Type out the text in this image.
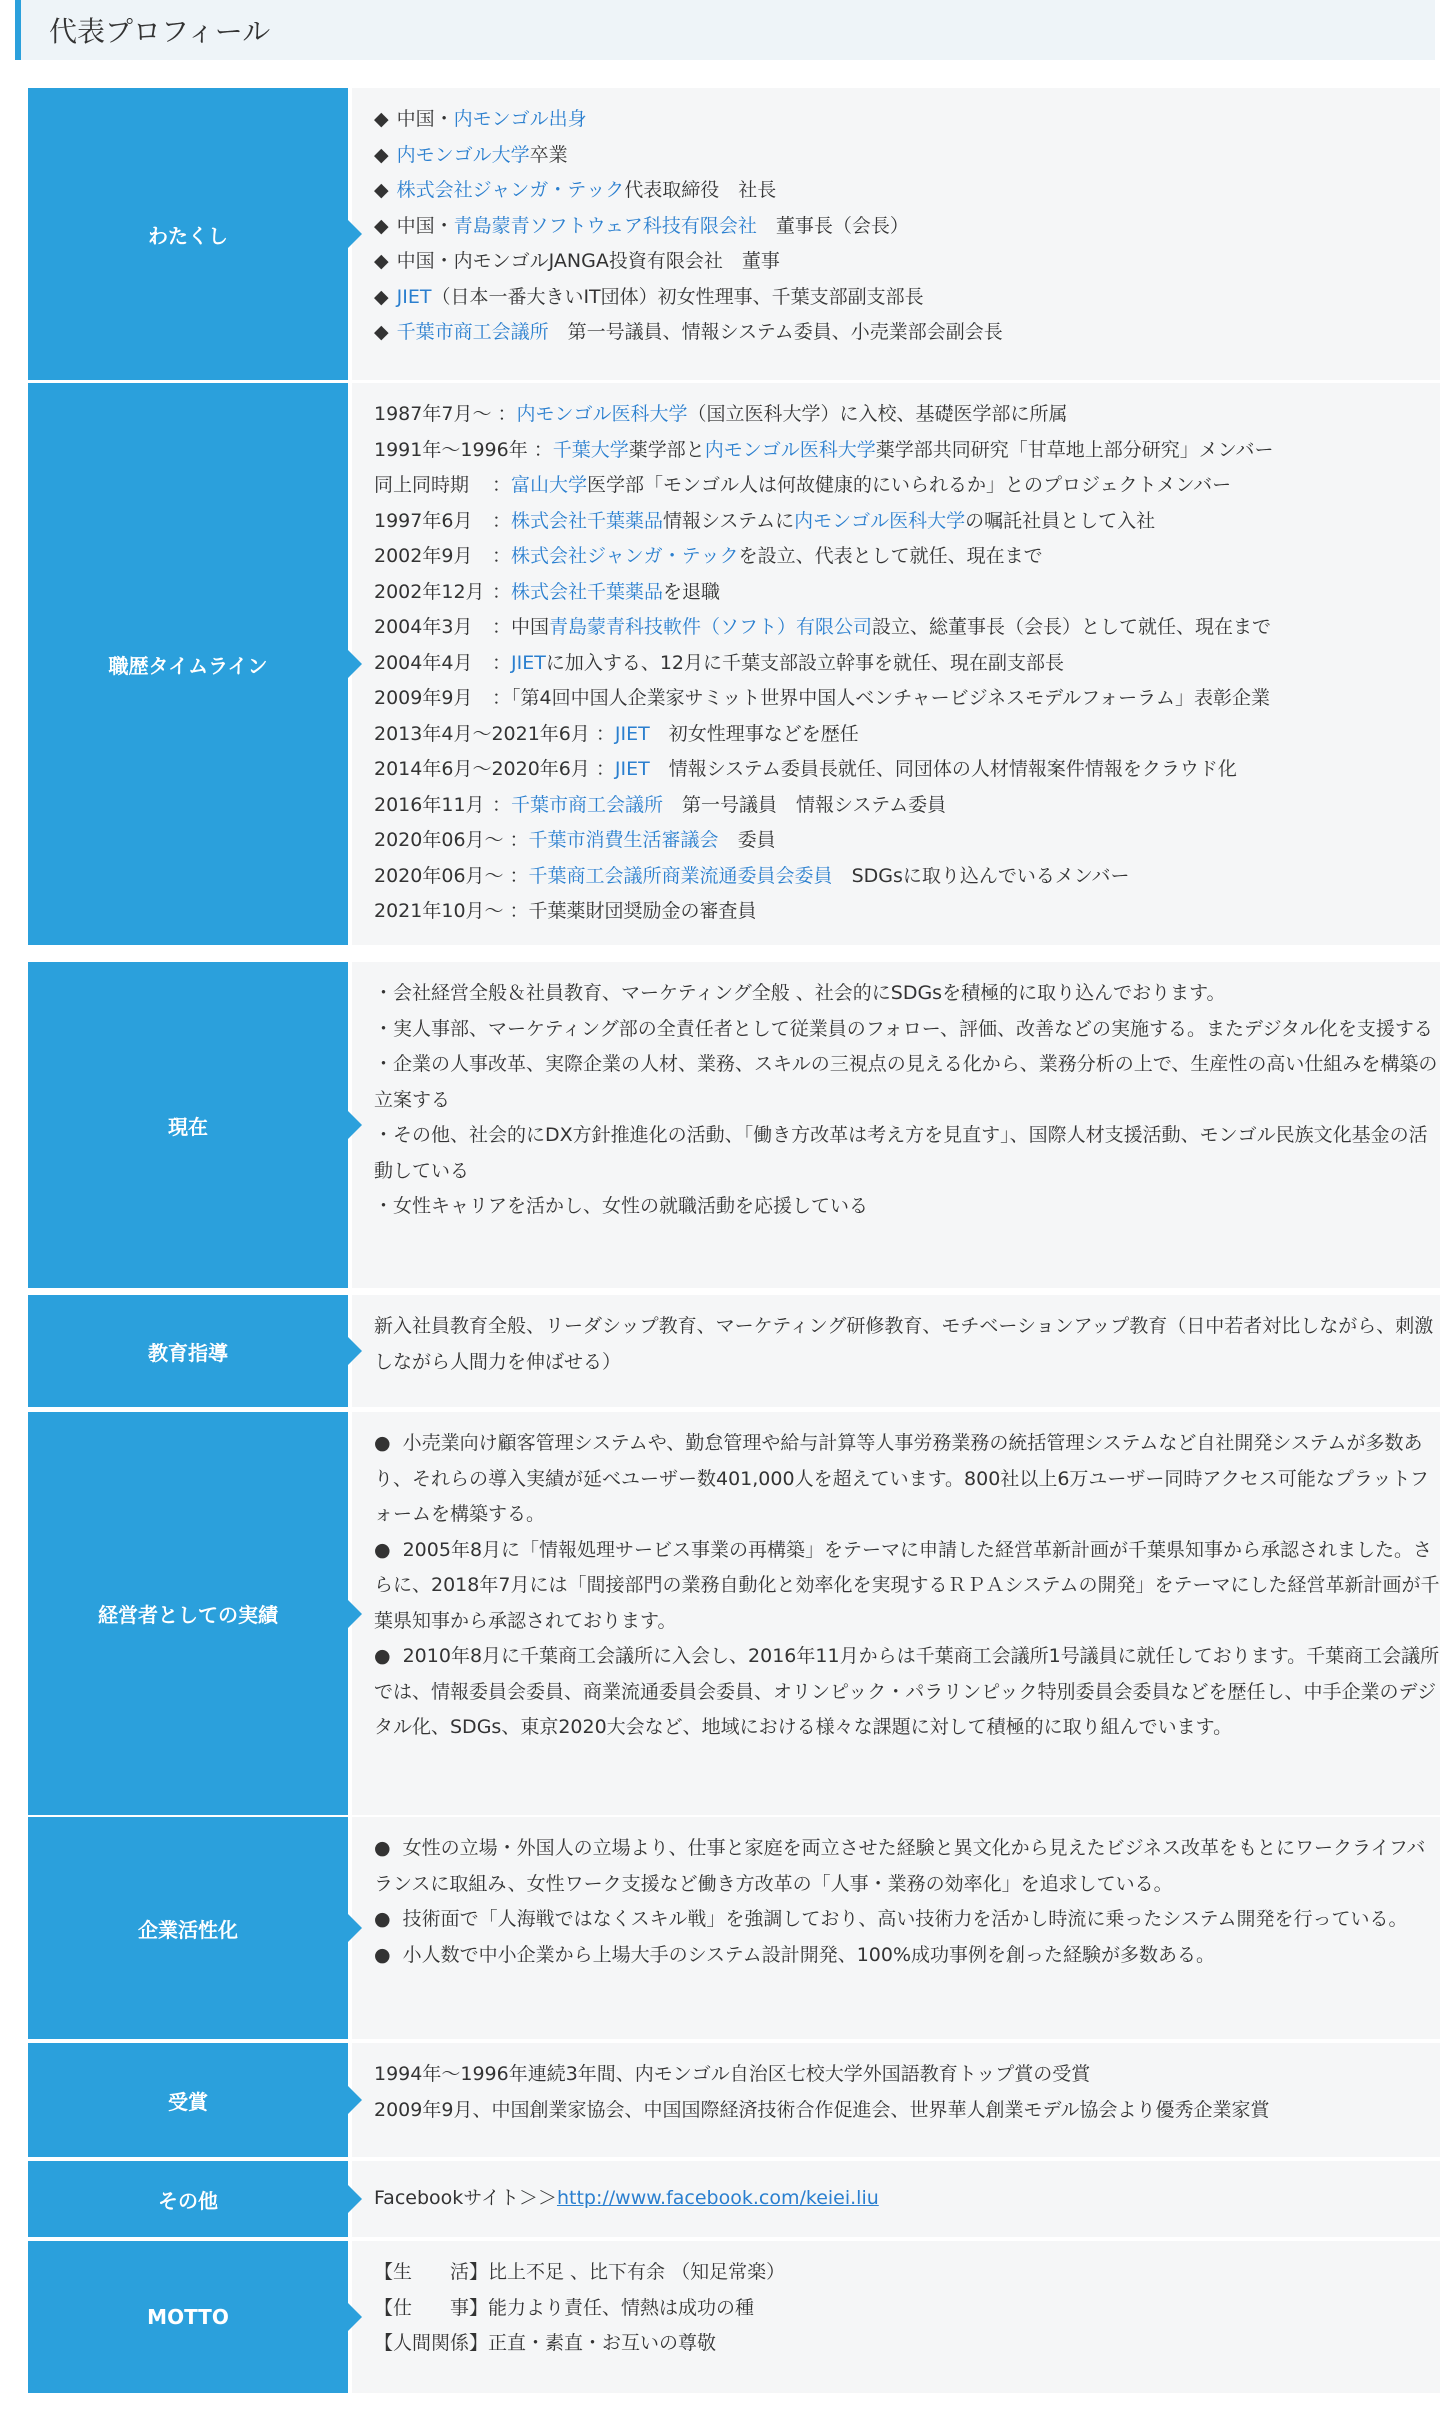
代表プロフィール
わたくし
◆ 中国・内モンゴル出身
◆ 内モンゴル大学卒業
◆ 株式会社ジャンガ・テック代表取締役　社長
◆ 中国・青島蒙青ソフトウェア科技有限会社　董事長（会長）
◆ 中国・内モンゴルJANGA投資有限会社　董事
◆ JIET（日本一番大きいIT団体）初女性理事、千葉支部副支部長
◆ 千葉市商工会議所　第一号議員、情報システム委員、小売業部会副会長
職歴タイムライン
1987年7月～ ：内モンゴル医科大学（国立医科大学）に入校、基礎医学部に所属
1991年～1996年 ：千葉大学薬学部と内モンゴル医科大学薬学部共同研究「甘草地上部分研究」メンバー
同上同時期 ：富山大学医学部「モンゴル人は何故健康的にいられるか」とのプロジェクトメンバー
1997年6月 ：株式会社千葉薬品情報システムに内モンゴル医科大学の嘱託社員として入社
2002年9月 ：株式会社ジャンガ・テックを設立、代表として就任、現在まで
2002年12月 ：株式会社千葉薬品を退職
2004年3月 ：中国青島蒙青科技軟件（ソフト）有限公司設立、総董事長（会長）として就任、現在まで
2004年4月 ：JIETに加入する、12月に千葉支部設立幹事を就任、現在副支部長
2009年9月 ：「第4回中国人企業家サミット世界中国人ベンチャービジネスモデルフォーラム」表彰企業
2013年4月～2021年6月 ：JIET　初女性理事などを歴任
2014年6月～2020年6月 ：JIET　情報システム委員長就任、同団体の人材情報案件情報をクラウド化
2016年11月 ：千葉市商工会議所　第一号議員　情報システム委員
2020年06月～ ：千葉市消費生活審議会　委員
2020年06月～ ：千葉商工会議所商業流通委員会委員　SDGsに取り込んでいるメンバー
2021年10月～ ：千葉薬財団奨励金の審査員
現在
・会社経営全般＆社員教育、マーケティング全般 、社会的にSDGsを積極的に取り込んでおります。
・実人事部、マーケティング部の全責任者として従業員のフォロー、評価、改善などの実施する。またデジタル化を支援する
・企業の人事改革、実際企業の人材、業務、スキルの三視点の見える化から、業務分析の上で、生産性の高い仕組みを構築の立案する
・その他、社会的にDX方針推進化の活動、「働き方改革は考え方を見直す」、国際人材支援活動、モンゴル民族文化基金の活動している
・女性キャリアを活かし、女性の就職活動を応援している
教育指導
新入社員教育全般、リーダシップ教育、マーケティング研修教育、モチベーションアップ教育（日中若者対比しながら、刺激しながら人間力を伸ばせる）
経営者としての実績
● 小売業向け顧客管理システムや、勤怠管理や給与計算等人事労務業務の統括管理システムなど自社開発システムが多数あり、それらの導入実績が延べユーザー数401,000人を超えています。800社以上6万ユーザー同時アクセス可能なプラットフォームを構築する。
● 2005年8月に「情報処理サービス事業の再構築」をテーマに申請した経営革新計画が千葉県知事から承認されました。さらに、2018年7月には「間接部門の業務自動化と効率化を実現するＲＰＡシステムの開発」をテーマにした経営革新計画が千葉県知事から承認されております。
● 2010年8月に千葉商工会議所に入会し、2016年11月からは千葉商工会議所1号議員に就任しております。千葉商工会議所では、情報委員会委員、商業流通委員会委員、オリンピック・パラリンピック特別委員会委員などを歴任し、中手企業のデジタル化、SDGs、東京2020大会など、地域における様々な課題に対して積極的に取り組んでいます。
企業活性化
● 女性の立場・外国人の立場より、仕事と家庭を両立させた経験と異文化から見えたビジネス改革をもとにワークライフバランスに取組み、女性ワーク支援など働き方改革の「人事・業務の効率化」を追求している。
● 技術面で「人海戦ではなくスキル戦」を強調しており、高い技術力を活かし時流に乗ったシステム開発を行っている。
● 小人数で中小企業から上場大手のシステム設計開発、100%成功事例を創った経験が多数ある。
受賞
1994年～1996年連続3年間、内モンゴル自治区七校大学外国語教育トップ賞の受賞
2009年9月、中国創業家協会、中国国際経済技術合作促進会、世界華人創業モデル協会より優秀企業家賞
その他	Facebookサイト＞＞http://www.facebook.com/keiei.liu
MOTTO
【生　　活】比上不足 、比下有余 （知足常楽）
【仕　　事】能力より責任、情熱は成功の種
【人間関係】正直・素直・お互いの尊敬
